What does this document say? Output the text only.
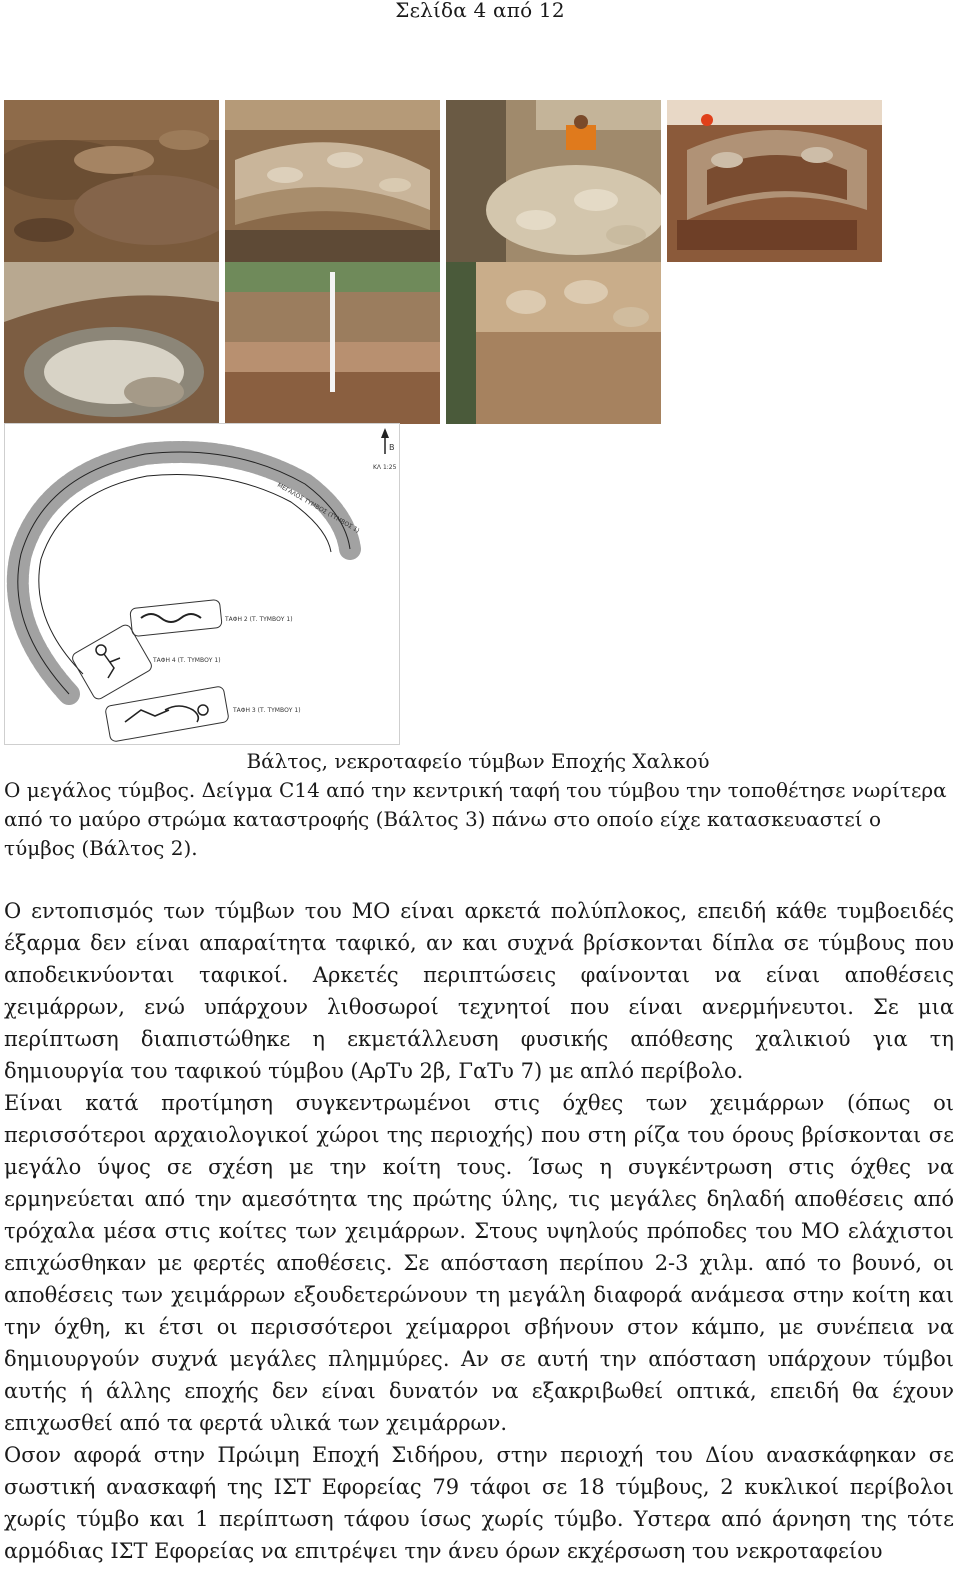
Σελίδα 4 από 12
Β
ΚΛ 1:25
ΜΕΓΑΛΟΣ ΤΥΜΒΟΣ (ΤΥΜΒΟΣ 1)
ΤΑΦΗ 2 (Τ. ΤΥΜΒΟΥ 1)
ΤΑΦΗ 4 (Τ. ΤΥΜΒΟΥ 1)
ΤΑΦΗ 3 (Τ. ΤΥΜΒΟΥ 1)
Βάλτος, νεκροταφείο τύμβων Εποχής Χαλκού
Ο μεγάλος τύμβος. Δείγμα C14 από την κεντρική ταφή του τύμβου την τοποθέτησε νωρίτερα από το μαύρο στρώμα καταστροφής (Βάλτος 3) πάνω στο οποίο είχε κατασκευαστεί ο τύμβος (Βάλτος 2).

Ο εντοπισμός των τύμβων του ΜΟ είναι αρκετά πολύπλοκος, επειδή κάθε τυμβοειδές έξαρμα δεν είναι απαραίτητα ταφικό, αν και συχνά βρίσκονται δίπλα σε τύμβους που αποδεικνύονται ταφικοί. Αρκετές περιπτώσεις φαίνονται να είναι αποθέσεις χειμάρρων, ενώ υπάρχουν λιθοσωροί τεχνητοί που είναι ανερμήνευτοι. Σε μια περίπτωση διαπιστώθηκε η εκμετάλλευση φυσικής απόθεσης χαλικιού για τη δημιουργία του ταφικού τύμβου (ΑρΤυ 2β, ΓαΤυ 7) με απλό περίβολο.

Είναι κατά προτίμηση συγκεντρωμένοι στις όχθες των χειμάρρων (όπως οι περισσότεροι αρχαιολογικοί χώροι της περιοχής) που στη ρίζα του όρους βρίσκονται σε μεγάλο ύψος σε σχέση με την κοίτη τους. Ίσως η συγκέντρωση στις όχθες να ερμηνεύεται από την αμεσότητα της πρώτης ύλης, τις μεγάλες δηλαδή αποθέσεις από τρόχαλα μέσα στις κοίτες των χειμάρρων. Στους υψηλούς πρόποδες του ΜΟ ελάχιστοι επιχώσθηκαν με φερτές αποθέσεις. Σε απόσταση περίπου 2-3 χιλμ. από το βουνό, οι αποθέσεις των χειμάρρων εξουδετερώνουν τη μεγάλη διαφορά ανάμεσα στην κοίτη και την όχθη, κι έτσι οι περισσότεροι χείμαρροι σβήνουν στον κάμπο, με συνέπεια να δημιουργούν συχνά μεγάλες πλημμύρες. Αν σε αυτή την απόσταση υπάρχουν τύμβοι αυτής ή άλλης εποχής δεν είναι δυνατόν να εξακριβωθεί οπτικά, επειδή θα έχουν επιχωσθεί από τα φερτά υλικά των χειμάρρων.

Οσον αφορά στην Πρώιμη Εποχή Σιδήρου, στην περιοχή του Δίου ανασκάφηκαν σε σωστική ανασκαφή της ΙΣΤ Εφορείας 79 τάφοι σε 18 τύμβους, 2 κυκλικοί περίβολοι χωρίς τύμβο και 1 περίπτωση τάφου ίσως χωρίς τύμβο. Υστερα από άρνηση της τότε αρμόδιας ΙΣΤ Εφορείας να επιτρέψει την άνευ όρων εκχέρσωση του νεκροταφείου
